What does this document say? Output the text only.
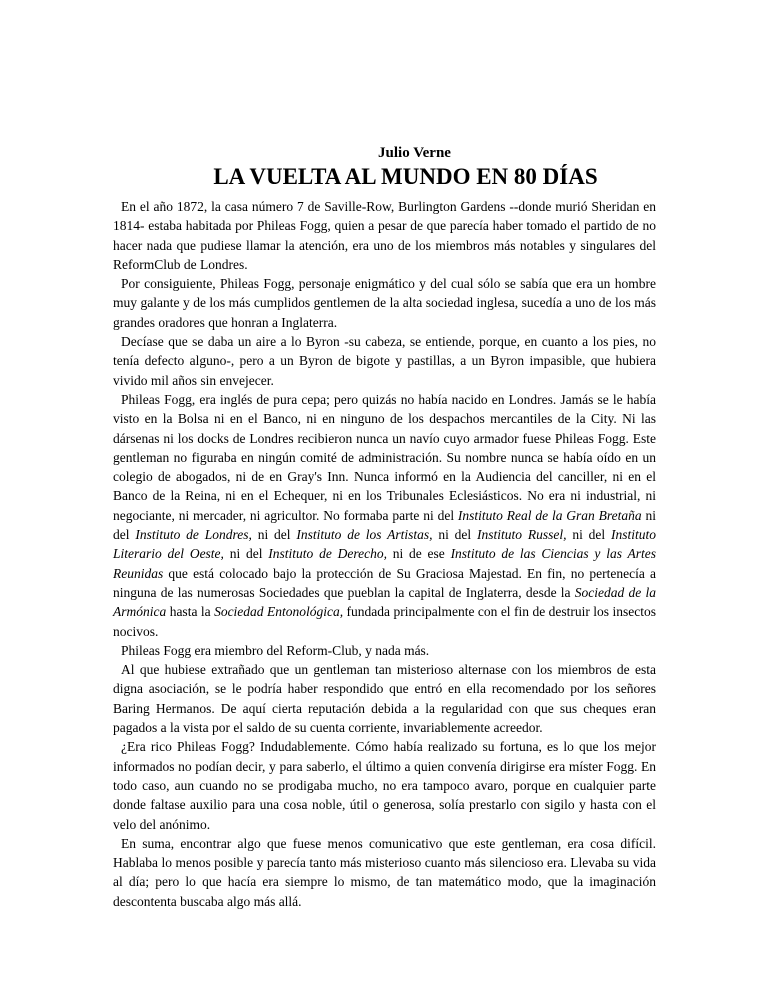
Julio Verne

LA VUELTA AL MUNDO EN 80 DÍAS

En el año 1872, la casa número 7 de Saville-Row, Burlington Gardens --donde murió Sheridan en 1814- estaba habitada por Phileas Fogg, quien a pesar de que parecía haber tomado el partido de no hacer nada que pudiese llamar la atención, era uno de los miembros más notables y singulares del ReformClub de Londres.

Por consiguiente, Phileas Fogg, personaje enigmático y del cual sólo se sabía que era un hombre muy galante y de los más cumplidos gentlemen de la alta sociedad inglesa, sucedía a uno de los más grandes oradores que honran a Inglaterra.

Decíase que se daba un aire a lo Byron -su cabeza, se entiende, porque, en cuanto a los pies, no tenía defecto alguno-, pero a un Byron de bigote y pastillas, a un Byron impasible, que hubiera vivido mil años sin envejecer.

Phileas Fogg, era inglés de pura cepa; pero quizás no había nacido en Londres. Jamás se le había visto en la Bolsa ni en el Banco, ni en ninguno de los despachos mercantiles de la City. Ni las dársenas ni los docks de Londres recibieron nunca un navío cuyo armador fuese Phileas Fogg. Este gentleman no figuraba en ningún comité de administración. Su nombre nunca se había oído en un colegio de abogados, ni de en Gray's Inn. Nunca informó en la Audiencia del canciller, ni en el Banco de la Reina, ni en el Echequer, ni en los Tribunales Eclesiásticos. No era ni industrial, ni negociante, ni mercader, ni agricultor. No formaba parte ni del Instituto Real de la Gran Bretaña ni del Instituto de Londres, ni del Instituto de los Artistas, ni del Instituto Russel, ni del Instituto Literario del Oeste, ni del Instituto de Derecho, ni de ese Instituto de las Ciencias y las Artes Reunidas que está colocado bajo la protección de Su Graciosa Majestad. En fin, no pertenecía a ninguna de las numerosas Sociedades que pueblan la capital de Inglaterra, desde la Sociedad de la Armónica hasta la Sociedad Entonológica, fundada principalmente con el fin de destruir los insectos nocivos.

Phileas Fogg era miembro del Reform-Club, y nada más.

Al que hubiese extrañado que un gentleman tan misterioso alternase con los miembros de esta digna asociación, se le podría haber respondido que entró en ella recomendado por los señores Baring Hermanos. De aquí cierta reputación debida a la regularidad con que sus cheques eran pagados a la vista por el saldo de su cuenta corriente, invariablemente acreedor.

¿Era rico Phileas Fogg? Indudablemente. Cómo había realizado su fortuna, es lo que los mejor informados no podían decir, y para saberlo, el último a quien convenía dirigirse era míster Fogg. En todo caso, aun cuando no se prodigaba mucho, no era tampoco avaro, porque en cualquier parte donde faltase auxilio para una cosa noble, útil o generosa, solía prestarlo con sigilo y hasta con el velo del anónimo.

En suma, encontrar algo que fuese menos comunicativo que este gentleman, era cosa difícil. Hablaba lo menos posible y parecía tanto más misterioso cuanto más silencioso era. Llevaba su vida al día; pero lo que hacía era siempre lo mismo, de tan matemático modo, que la imaginación descontenta buscaba algo más allá.
